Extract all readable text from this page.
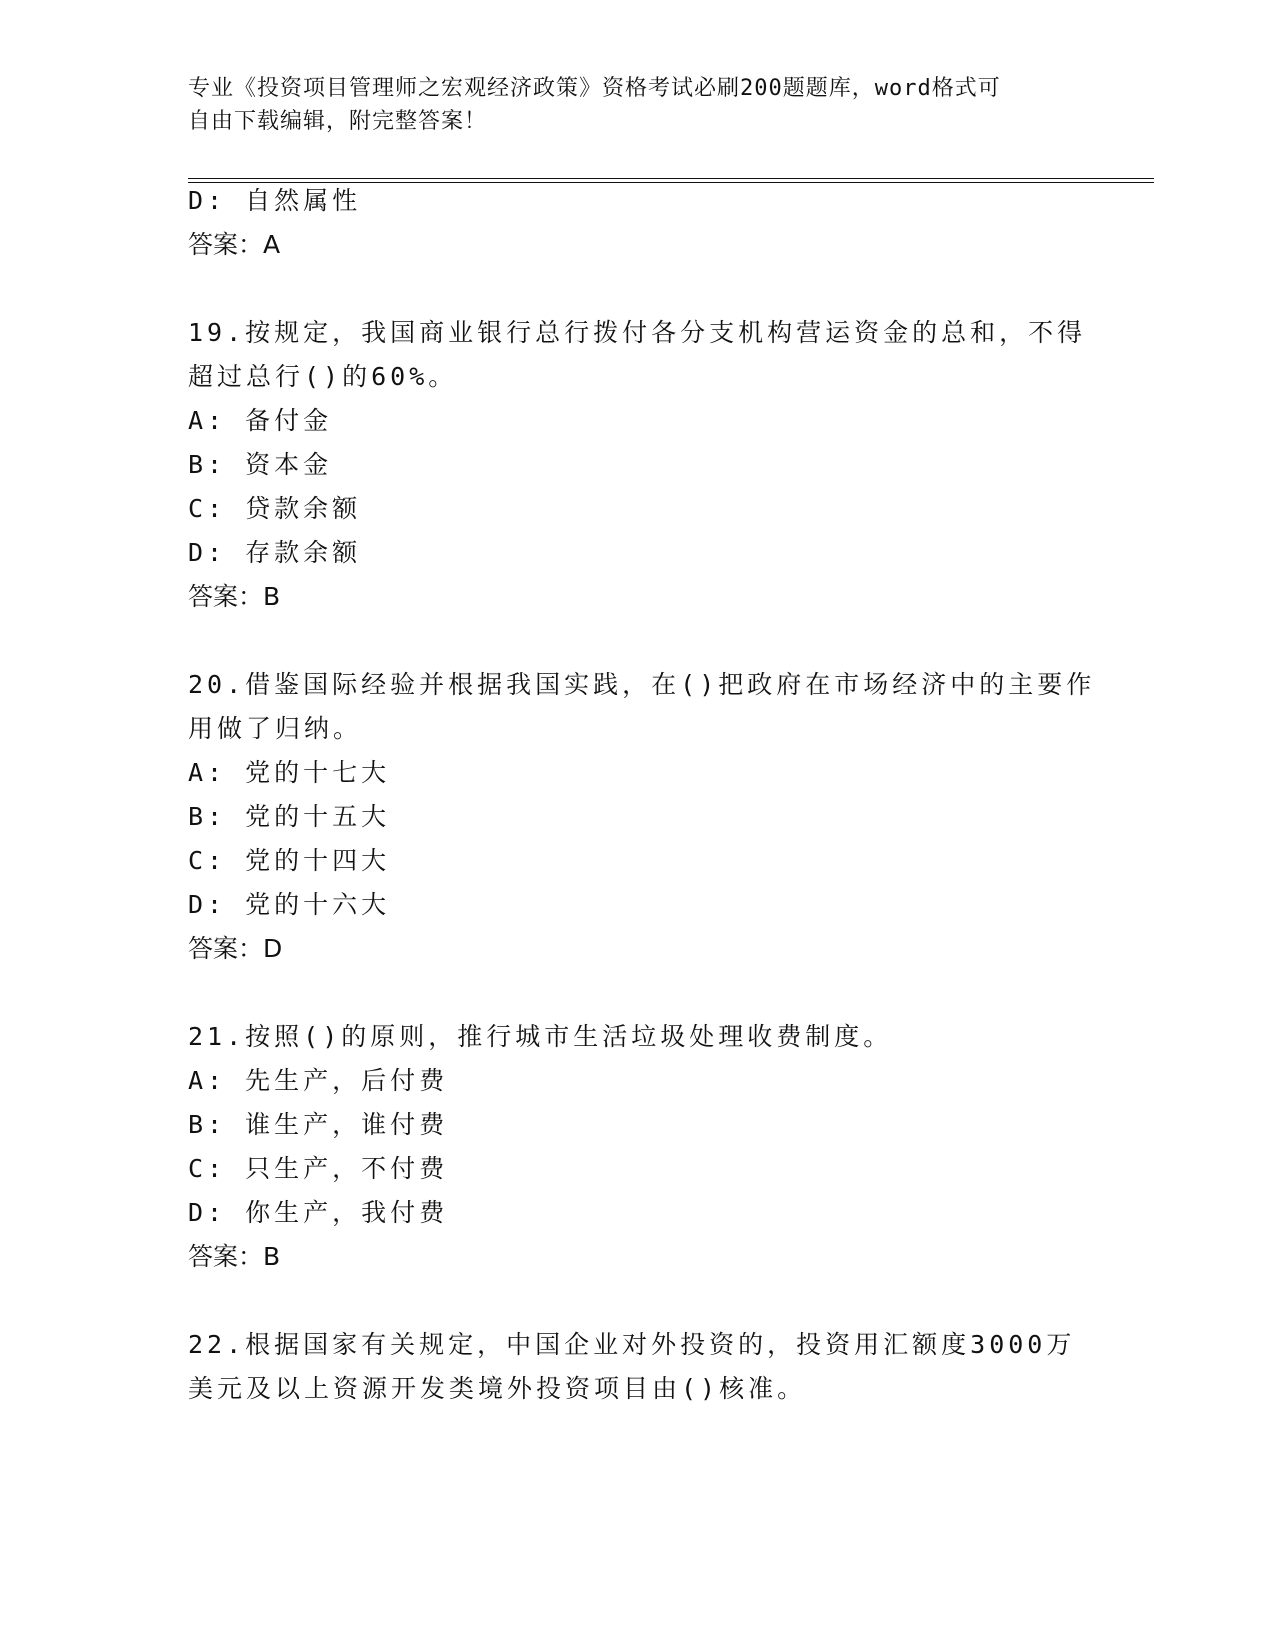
专业《投资项目管理师之宏观经济政策》资格考试必刷200题题库，word格式可
自由下载编辑，附完整答案！
D: 自然属性
答案：A
19.按规定，我国商业银行总行拨付各分支机构营运资金的总和，不得
超过总行()的60%。
A: 备付金
B: 资本金
C: 贷款余额
D: 存款余额
答案：B
20.借鉴国际经验并根据我国实践，在()把政府在市场经济中的主要作
用做了归纳。
A: 党的十七大
B: 党的十五大
C: 党的十四大
D: 党的十六大
答案：D
21.按照()的原则，推行城市生活垃圾处理收费制度。
A: 先生产，后付费
B: 谁生产，谁付费
C: 只生产，不付费
D: 你生产，我付费
答案：B
22.根据国家有关规定，中国企业对外投资的，投资用汇额度3000万
美元及以上资源开发类境外投资项目由()核准。
